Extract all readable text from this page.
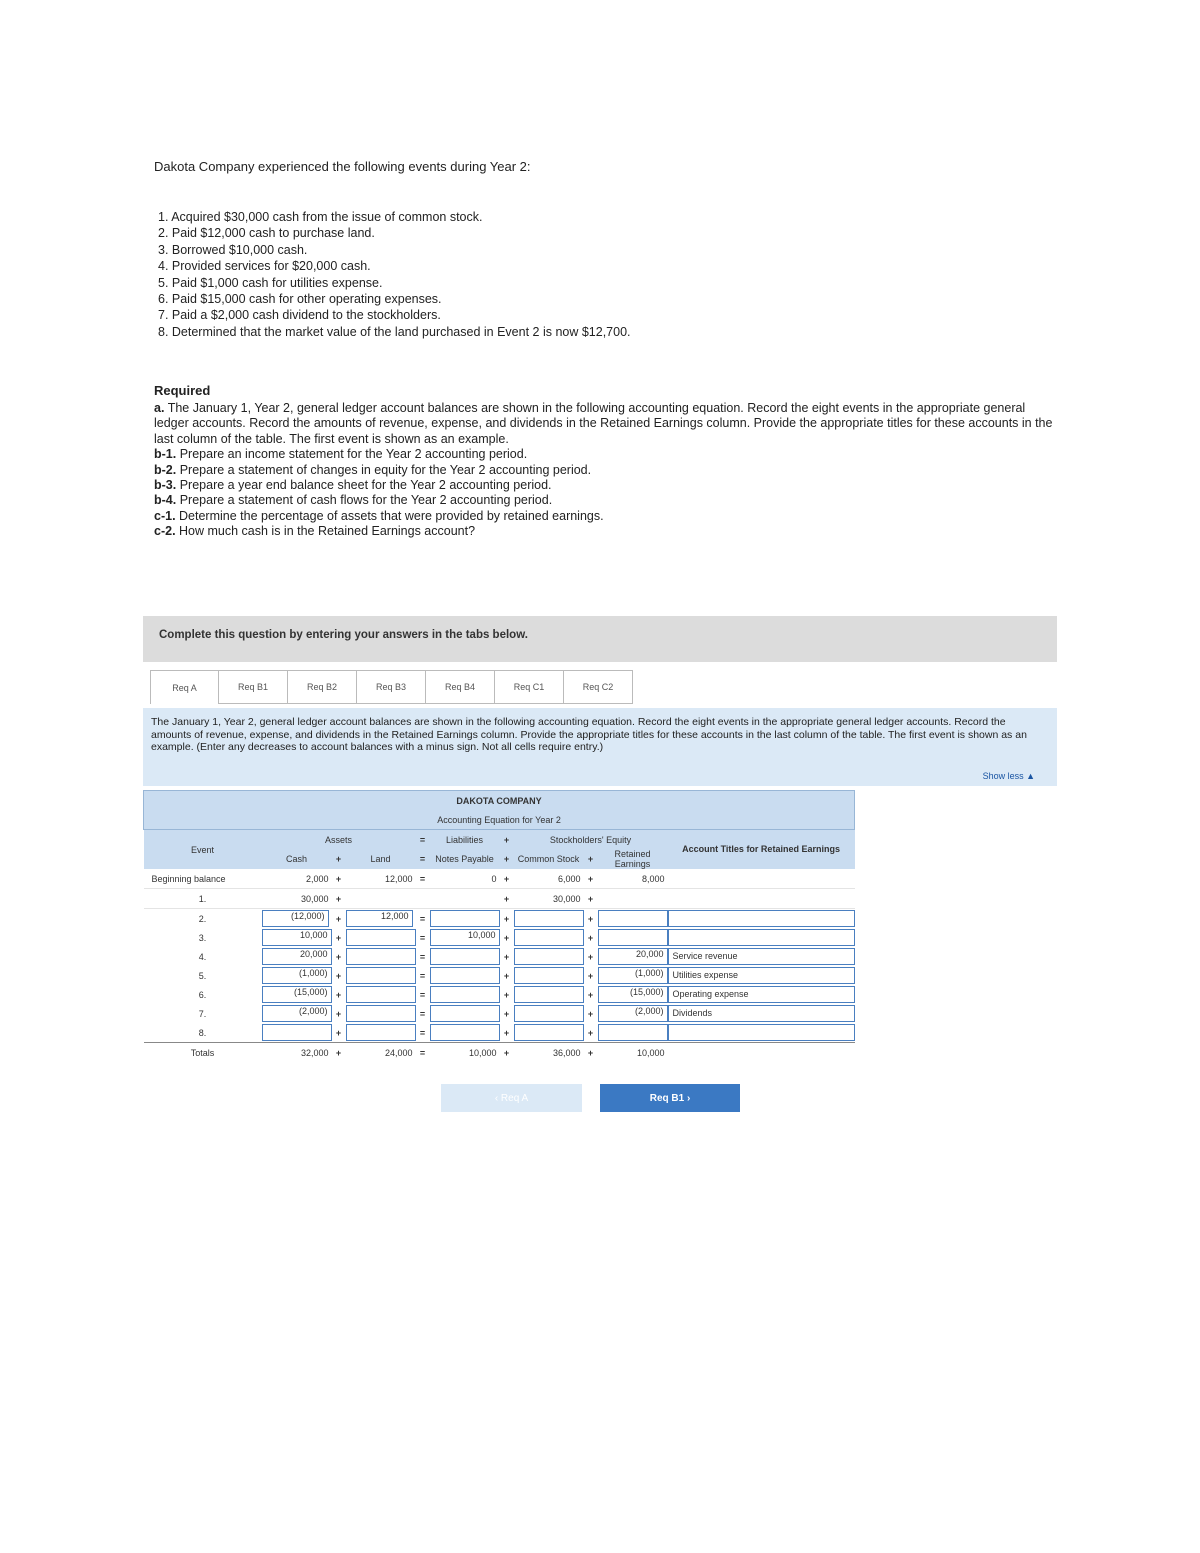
Dakota Company experienced the following events during Year 2:
1. Acquired $30,000 cash from the issue of common stock.
2. Paid $12,000 cash to purchase land.
3. Borrowed $10,000 cash.
4. Provided services for $20,000 cash.
5. Paid $1,000 cash for utilities expense.
6. Paid $15,000 cash for other operating expenses.
7. Paid a $2,000 cash dividend to the stockholders.
8. Determined that the market value of the land purchased in Event 2 is now $12,700.
Required

a. The January 1, Year 2, general ledger account balances are shown in the following accounting equation. Record the eight events in the appropriate general ledger accounts. Record the amounts of revenue, expense, and dividends in the Retained Earnings column. Provide the appropriate titles for these accounts in the last column of the table. The first event is shown as an example.

b-1. Prepare an income statement for the Year 2 accounting period.

b-2. Prepare a statement of changes in equity for the Year 2 accounting period.

b-3. Prepare a year end balance sheet for the Year 2 accounting period.

b-4. Prepare a statement of cash flows for the Year 2 accounting period.

c-1. Determine the percentage of assets that were provided by retained earnings.

c-2. How much cash is in the Retained Earnings account?

Complete this question by entering your answers in the tabs below.
Req A	Req B1	Req B2	Req B3	Req B4	Req C1	Req C2
The January 1, Year 2, general ledger account balances are shown in the following accounting equation. Record the eight events in the appropriate general ledger accounts. Record the amounts of revenue, expense, and dividends in the Retained Earnings column. Provide the appropriate titles for these accounts in the last column of the table. The first event is shown as an example. (Enter any decreases to account balances with a minus sign. Not all cells require entry.)
Show less ▲
DAKOTA COMPANY										
Accounting Equation for Year 2										
Event	Assets			=	Liabilities	+	Stockholders' Equity			Account Titles for Retained Earnings
	Cash	+	Land	=	Notes Payable	+	Common Stock	+	Retained Earnings	
Beginning balance	2,000	+	12,000	=	0	+	6,000	+	8,000	
1.	30,000	+				+	30,000	+		
2.	(12,000)	+	12,000	=		+		+	

3.	10,000	+		=	10,000	+		+	

4.	20,000	+		=		+		+	20,000	Service revenue

5.	(1,000)	+		=		+		+	(1,000)	Utilities expense

6.	(15,000)	+		=		+		+	(15,000)	Operating expense

7.	(2,000)	+		=		+		+	(2,000)	Dividends

8.		+		=		+		+	

Totals	32,000	+	24,000	=	10,000	+	36,000	+	10,000	
‹ Req A	Req B1 ›
